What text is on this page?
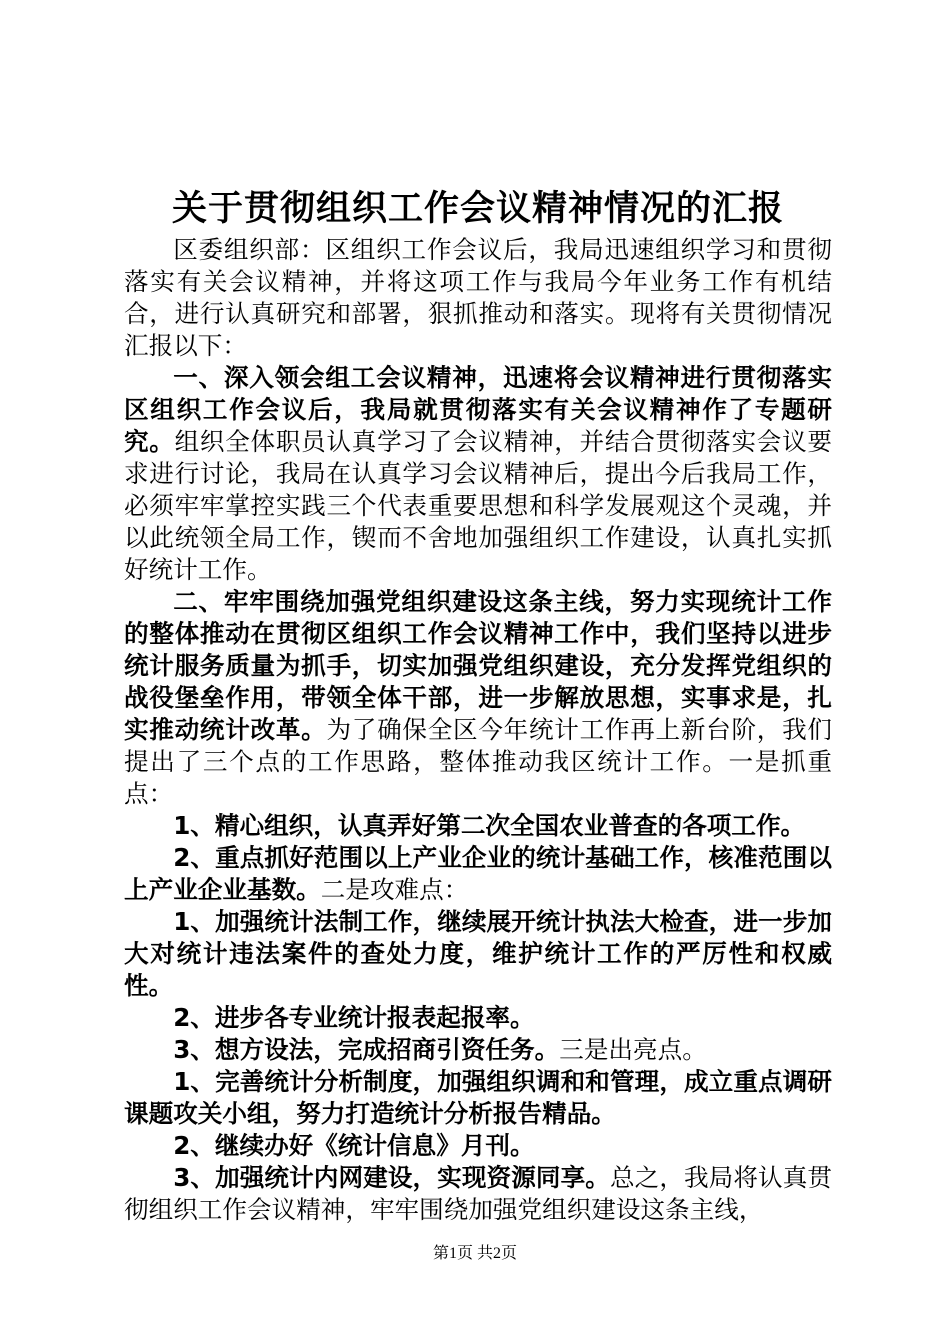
关于贯彻组织工作会议精神情况的汇报

区委组织部：区组织工作会议后，我局迅速组织学习和贯彻落实有关会议精神，并将这项工作与我局今年业务工作有机结合，进行认真研究和部署，狠抓推动和落实。现将有关贯彻情况汇报以下：

一、深入领会组工会议精神，迅速将会议精神进行贯彻落实区组织工作会议后，我局就贯彻落实有关会议精神作了专题研究。组织全体职员认真学习了会议精神，并结合贯彻落实会议要求进行讨论，我局在认真学习会议精神后，提出今后我局工作，必须牢牢掌控实践三个代表重要思想和科学发展观这个灵魂，并以此统领全局工作，锲而不舍地加强组织工作建设，认真扎实抓好统计工作。

二、牢牢围绕加强党组织建设这条主线，努力实现统计工作的整体推动在贯彻区组织工作会议精神工作中，我们坚持以进步统计服务质量为抓手，切实加强党组织建设，充分发挥党组织的战役堡垒作用，带领全体干部，进一步解放思想，实事求是，扎实推动统计改革。为了确保全区今年统计工作再上新台阶，我们提出了三个点的工作思路，整体推动我区统计工作。一是抓重点：

1、精心组织，认真弄好第二次全国农业普查的各项工作。

2、重点抓好范围以上产业企业的统计基础工作，核准范围以上产业企业基数。二是攻难点：

1、加强统计法制工作，继续展开统计执法大检查，进一步加大对统计违法案件的查处力度，维护统计工作的严厉性和权威性。

2、进步各专业统计报表起报率。

3、想方设法，完成招商引资任务。三是出亮点。

1、完善统计分析制度，加强组织调和和管理，成立重点调研课题攻关小组，努力打造统计分析报告精品。

2、继续办好《统计信息》月刊。

3、加强统计内网建设，实现资源同享。总之，我局将认真贯彻组织工作会议精神，牢牢围绕加强党组织建设这条主线，

第1页 共2页
